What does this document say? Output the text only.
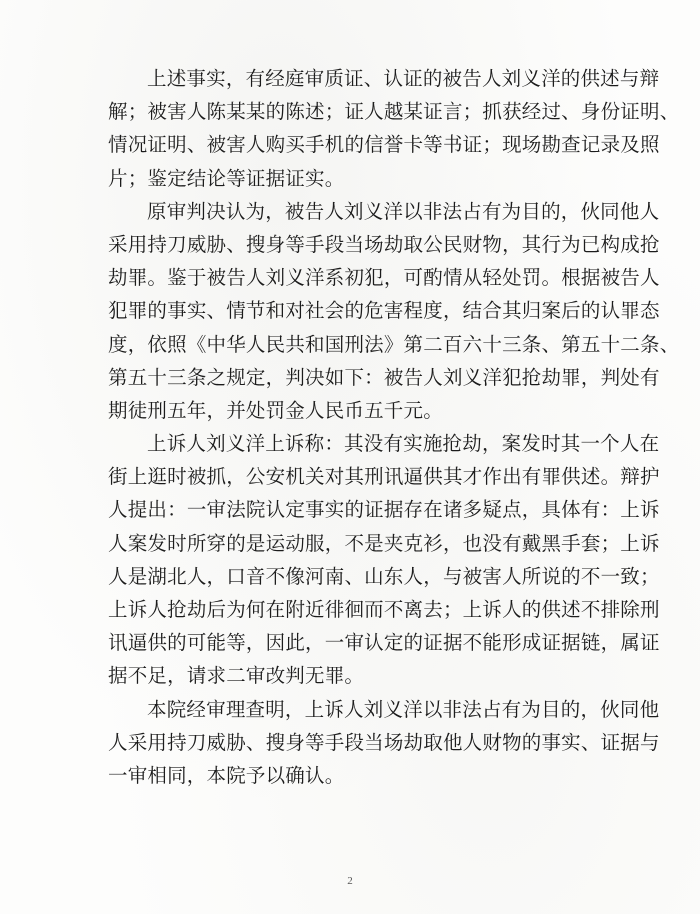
上 述 事 实 ， 有 经 庭 审 质 证 、 认 证 的 被 告 人 刘 义 洋 的 供 述 与 辩
解 ； 被 害 人 陈 某 某 的 陈 述 ； 证 人 越 某 证 言 ； 抓 获 经 过 、 身 份 证 明 、
情 况 证 明 、 被 害 人 购 买 手 机 的 信 誉 卡 等 书 证 ； 现 场 勘 查 记 录 及 照
片；鉴定结论等证据证实。
原 审 判 决 认 为 ， 被 告 人 刘 义 洋 以 非 法 占 有 为 目 的 ， 伙 同 他 人
采 用 持 刀 威 胁 、 搜 身 等 手 段 当 场 劫 取 公 民 财 物 ， 其 行 为 已 构 成 抢
劫 罪 。 鉴 于 被 告 人 刘 义 洋 系 初 犯 ， 可 酌 情 从 轻 处 罚 。 根 据 被 告 人
犯 罪 的 事 实 、 情 节 和 对 社 会 的 危 害 程 度 ， 结 合 其 归 案 后 的 认 罪 态
度 ， 依 照 《 中 华 人 民 共 和 国 刑 法 》 第 二 百 六 十 三 条 、 第 五 十 二 条 、
第 五 十 三 条 之 规 定 ， 判 决 如 下 ： 被 告 人 刘 义 洋 犯 抢 劫 罪 ， 判 处 有
期徒刑五年，并处罚金人民币五千元。
上 诉 人 刘 义 洋 上 诉 称 ： 其 没 有 实 施 抢 劫 ， 案 发 时 其 一 个 人 在
街 上 逛 时 被 抓 ， 公 安 机 关 对 其 刑 讯 逼 供 其 才 作 出 有 罪 供 述 。 辩 护
人 提 出 ： 一 审 法 院 认 定 事 实 的 证 据 存 在 诸 多 疑 点 ， 具 体 有 ： 上 诉
人 案 发 时 所 穿 的 是 运 动 服 ， 不 是 夹 克 衫 ， 也 没 有 戴 黑 手 套 ； 上 诉
人 是 湖 北 人 ， 口 音 不 像 河 南 、 山 东 人 ， 与 被 害 人 所 说 的 不 一 致 ；
上 诉 人 抢 劫 后 为 何 在 附 近 徘 徊 而 不 离 去 ； 上 诉 人 的 供 述 不 排 除 刑
讯 逼 供 的 可 能 等 ， 因 此 ， 一 审 认 定 的 证 据 不 能 形 成 证 据 链 ， 属 证
据不足，请求二审改判无罪。
本 院 经 审 理 查 明 ， 上 诉 人 刘 义 洋 以 非 法 占 有 为 目 的 ， 伙 同 他
人 采 用 持 刀 威 胁 、 搜 身 等 手 段 当 场 劫 取 他 人 财 物 的 事 实 、 证 据 与
一审相同，本院予以确认。
2
